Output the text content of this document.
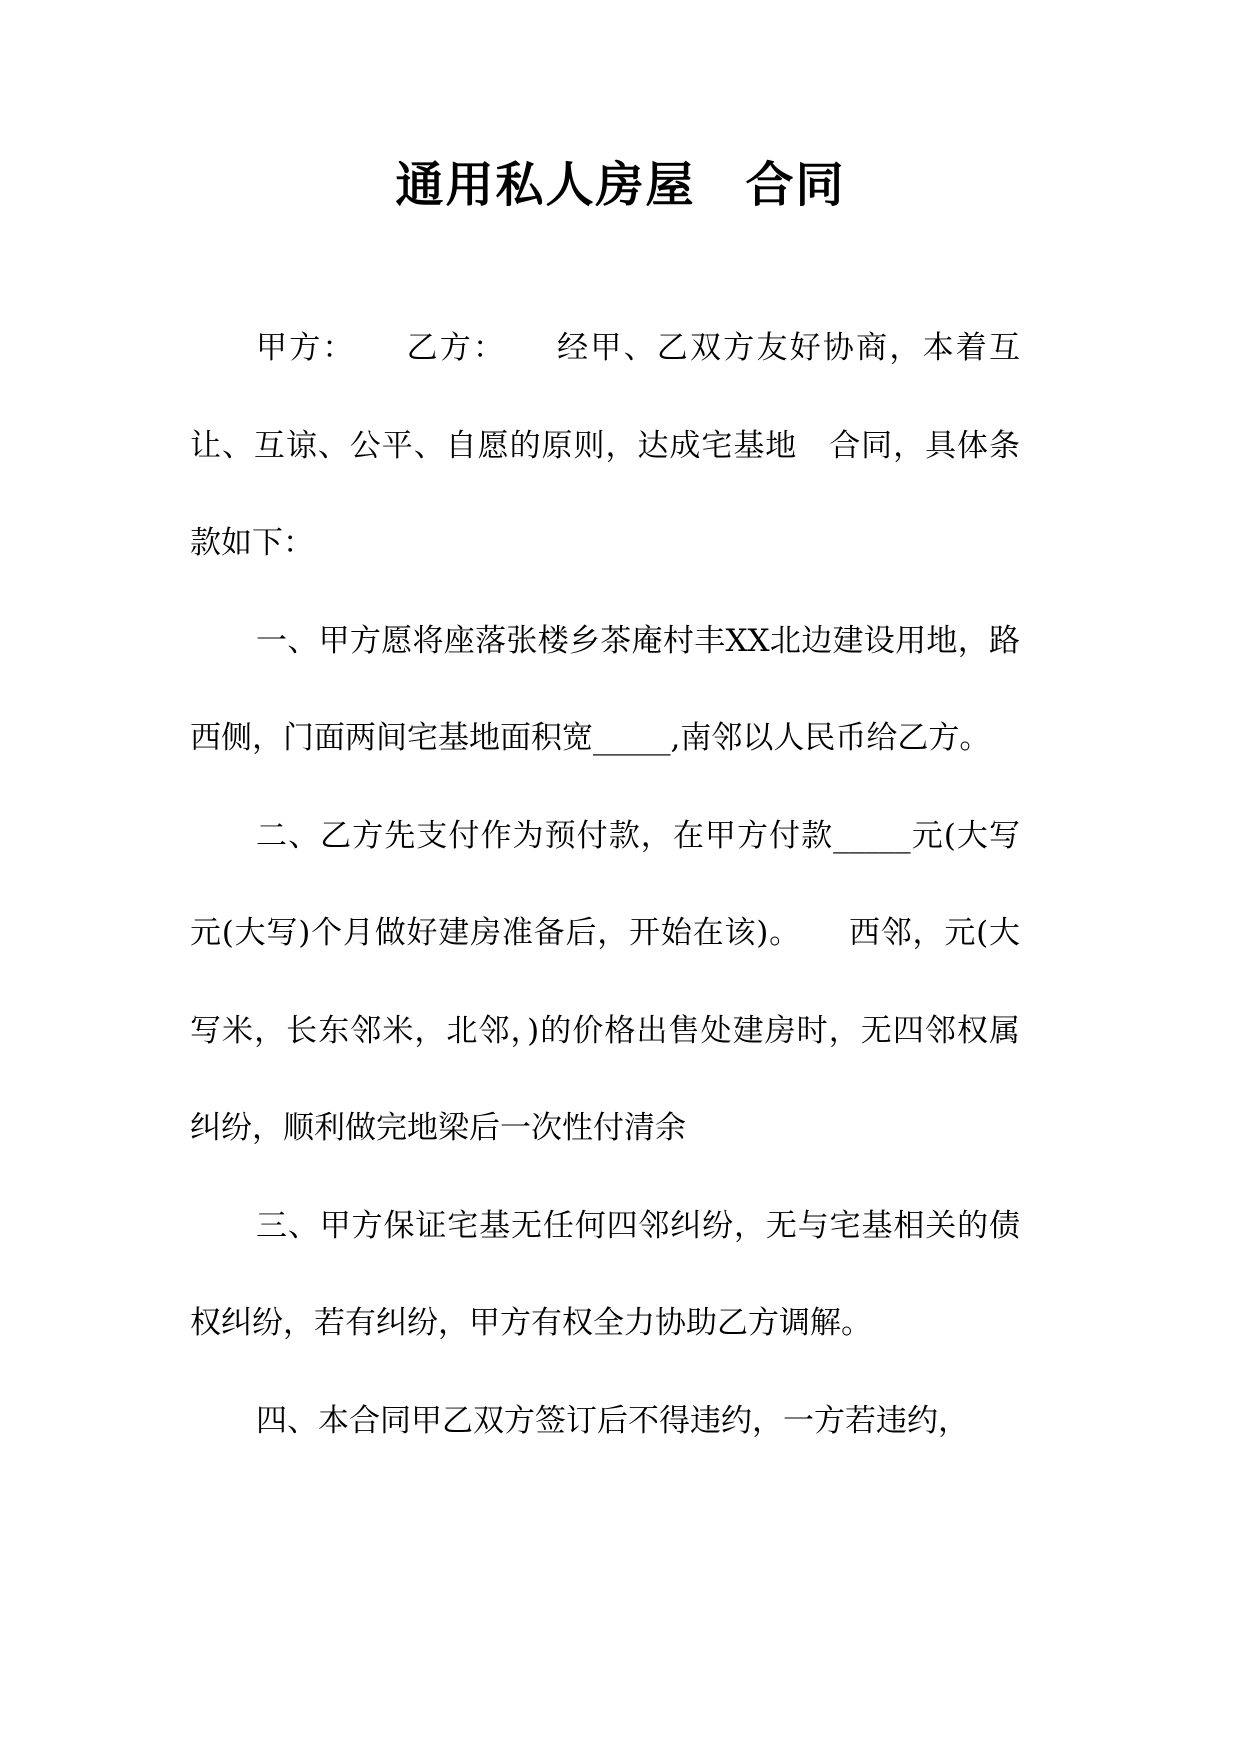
通用私人房屋　合同

甲方：　　乙方：　　经甲、乙双方友好协商，本着互让、互谅、公平、自愿的原则，达成宅基地　合同，具体条款如下：

一、甲方愿将座落张楼乡茶庵村丰XX北边建设用地，路西侧，门面两间宅基地面积宽_____,南邻以人民币给乙方。

二、乙方先支付作为预付款，在甲方付款_____元(大写元(大写)个月做好建房准备后，开始在该)。　　西邻，元(大写米，长东邻米，北邻，)的价格出售处建房时，无四邻权属纠纷，顺利做完地梁后一次性付清余

三、甲方保证宅基无任何四邻纠纷，无与宅基相关的债权纠纷，若有纠纷，甲方有权全力协助乙方调解。

四、本合同甲乙双方签订后不得违约，一方若违约，
